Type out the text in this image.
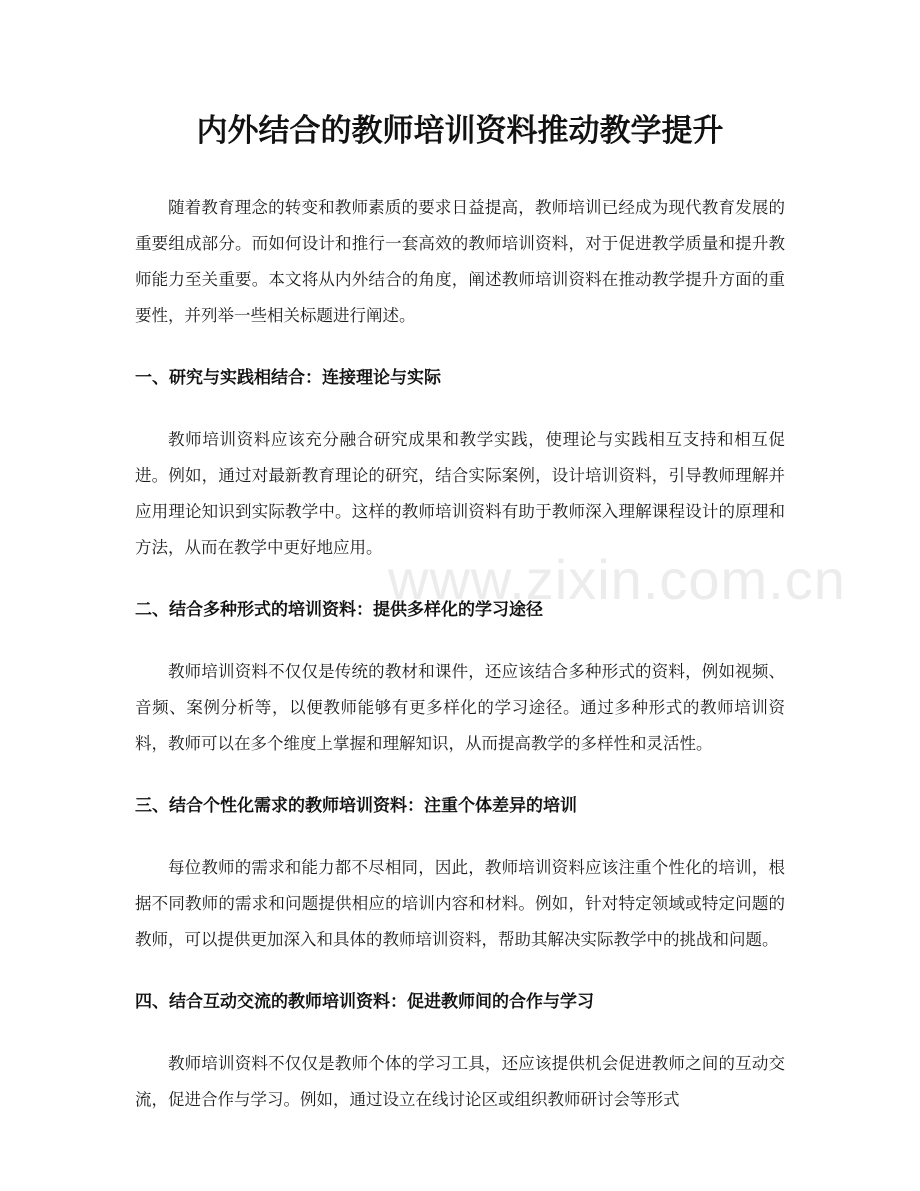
内外结合的教师培训资料推动教学提升

随着教育理念的转变和教师素质的要求日益提高，教师培训已经成为现代教育发展的重要组成部分。而如何设计和推行一套高效的教师培训资料，对于促进教学质量和提升教师能力至关重要。本文将从内外结合的角度，阐述教师培训资料在推动教学提升方面的重要性，并列举一些相关标题进行阐述。

一、研究与实践相结合：连接理论与实际

教师培训资料应该充分融合研究成果和教学实践，使理论与实践相互支持和相互促进。例如，通过对最新教育理论的研究，结合实际案例，设计培训资料，引导教师理解并应用理论知识到实际教学中。这样的教师培训资料有助于教师深入理解课程设计的原理和方法，从而在教学中更好地应用。

二、结合多种形式的培训资料：提供多样化的学习途径

教师培训资料不仅仅是传统的教材和课件，还应该结合多种形式的资料，例如视频、音频、案例分析等，以便教师能够有更多样化的学习途径。通过多种形式的教师培训资料，教师可以在多个维度上掌握和理解知识，从而提高教学的多样性和灵活性。

三、结合个性化需求的教师培训资料：注重个体差异的培训

每位教师的需求和能力都不尽相同，因此，教师培训资料应该注重个性化的培训，根据不同教师的需求和问题提供相应的培训内容和材料。例如，针对特定领域或特定问题的教师，可以提供更加深入和具体的教师培训资料，帮助其解决实际教学中的挑战和问题。

四、结合互动交流的教师培训资料：促进教师间的合作与学习

教师培训资料不仅仅是教师个体的学习工具，还应该提供机会促进教师之间的互动交流，促进合作与学习。例如，通过设立在线讨论区或组织教师研讨会等形式

www.zixin.com.cn
